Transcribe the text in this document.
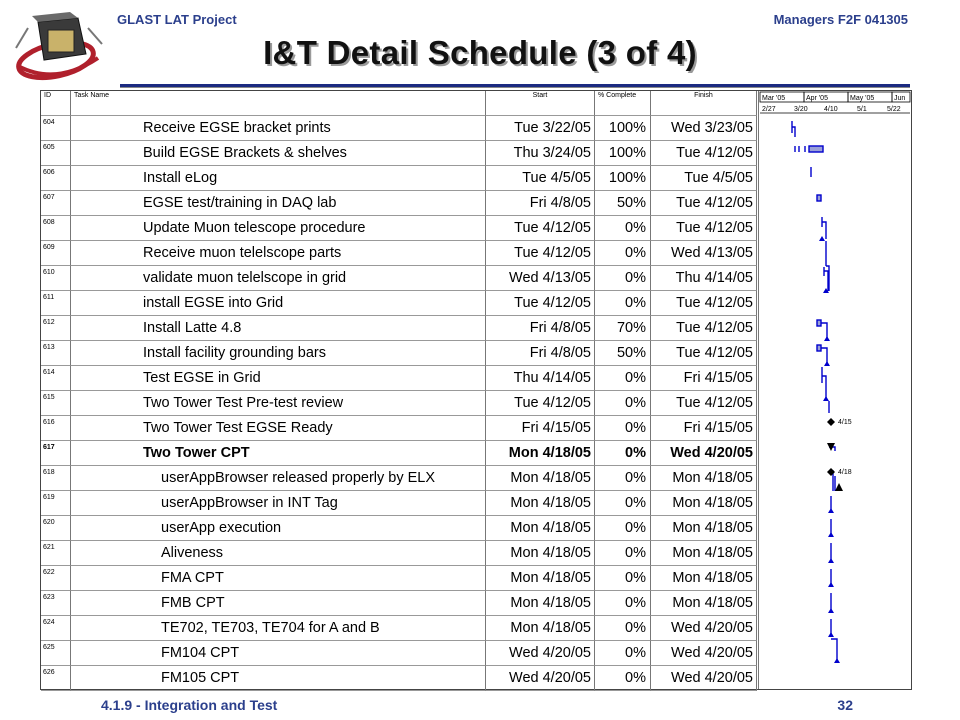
GLAST LAT Project	Managers F2F 041305
I&T Detail Schedule (3 of 4)
ID	Task Name	Start	% Complete	Finish
604	Receive EGSE bracket prints	Tue 3/22/05	100%	Wed 3/23/05
605	Build EGSE Brackets & shelves	Thu 3/24/05	100%	Tue 4/12/05
606	Install eLog	Tue 4/5/05	100%	Tue 4/5/05
607	EGSE test/training in DAQ lab	Fri 4/8/05	50%	Tue 4/12/05
608	Update Muon telescope procedure	Tue 4/12/05	0%	Tue 4/12/05
609	Receive muon telelscope parts	Tue 4/12/05	0%	Wed 4/13/05
610	validate muon telelscope in grid	Wed 4/13/05	0%	Thu 4/14/05
611	install EGSE into Grid	Tue 4/12/05	0%	Tue 4/12/05
612	Install Latte 4.8	Fri 4/8/05	70%	Tue 4/12/05
613	Install facility grounding bars	Fri 4/8/05	50%	Tue 4/12/05
614	Test EGSE in Grid	Thu 4/14/05	0%	Fri 4/15/05
615	Two Tower Test Pre-test review	Tue 4/12/05	0%	Tue 4/12/05
616	Two Tower Test EGSE Ready	Fri 4/15/05	0%	Fri 4/15/05
617	Two Tower CPT	Mon 4/18/05	0%	Wed 4/20/05
618	userAppBrowser released properly by ELX	Mon 4/18/05	0%	Mon 4/18/05
619	userAppBrowser in INT Tag	Mon 4/18/05	0%	Mon 4/18/05
620	userApp execution	Mon 4/18/05	0%	Mon 4/18/05
621	Aliveness	Mon 4/18/05	0%	Mon 4/18/05
622	FMA CPT	Mon 4/18/05	0%	Mon 4/18/05
623	FMB CPT	Mon 4/18/05	0%	Mon 4/18/05
624	TE702, TE703, TE704 for A and B	Mon 4/18/05	0%	Wed 4/20/05
625	FM104 CPT	Wed 4/20/05	0%	Wed 4/20/05
626	FM105 CPT	Wed 4/20/05	0%	Wed 4/20/05
Mar '05	Apr '05	May '05	Jun
2/27	3/20 4/10	5/1	5/22
4/15
4/18
4.1.9 - Integration and Test	32
